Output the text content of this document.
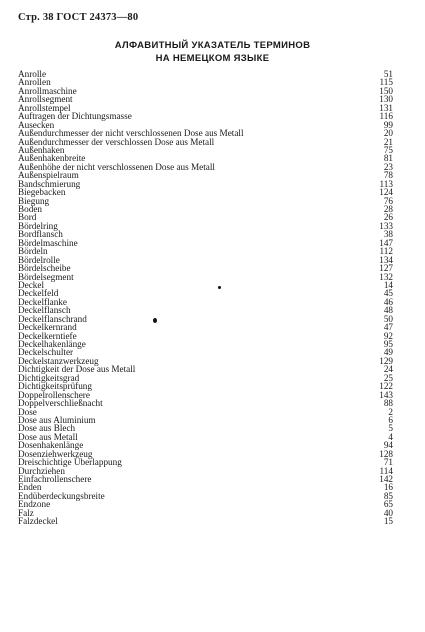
Стр. 38 ГОСТ 24373—80
АЛФАВИТНЫЙ УКАЗАТЕЛЬ ТЕРМИНОВ
НА НЕМЕЦКОМ ЯЗЫКЕ
Anrolle	51
Anrollen	115
Anrollmaschine	150
Anrollsegment	130
Anrollstempel	131
Auftragen der Dichtungsmasse	116
Ausecken	99
Außendurchmesser der nicht verschlossenen Dose aus Metall	20
Außendurchmesser der verschlossen Dose aus Metall	21
Außenhaken	75
Außenhakenbreite	81
Außenhöhe der nicht verschlossenen Dose aus Metall	23
Außenspielraum	78
Bandschmierung	113
Biegebacken	124
Biegung	76
Boden	28
Bord	26
Bördelring	133
Bordflansch	38
Bördelmaschine	147
Bördeln	112
Bördelrolle	134
Bördelscheibe	127
Bördelsegment	132
Deckel	14
Deckelfeld	45
Deckelflanke	46
Deckelflansch	48
Deckelflanschrand	50
Deckelkernrand	47
Deckelkerntiefe	92
Deckelhakenlänge	95
Deckelschulter	49
Deckelstanzwerkzeug	129
Dichtigkeit der Dose aus Metall	24
Dichtigkeitsgrad	25
Dichtigkeitsprüfung	122
Doppelrollenschere	143
Doppelverschließnacht	88
Dose	2
Dose aus Aluminium	6
Dose aus Blech	5
Dose aus Metall	4
Dosenhakenlänge	94
Dosenziehwerkzeug	128
Dreischichtige Überlappung	71
Durchziehen	114
Einfachrollenschere	142
Enden	16
Endüberdeckungsbreite	85
Endzone	65
Falz	40
Falzdeckel	15
